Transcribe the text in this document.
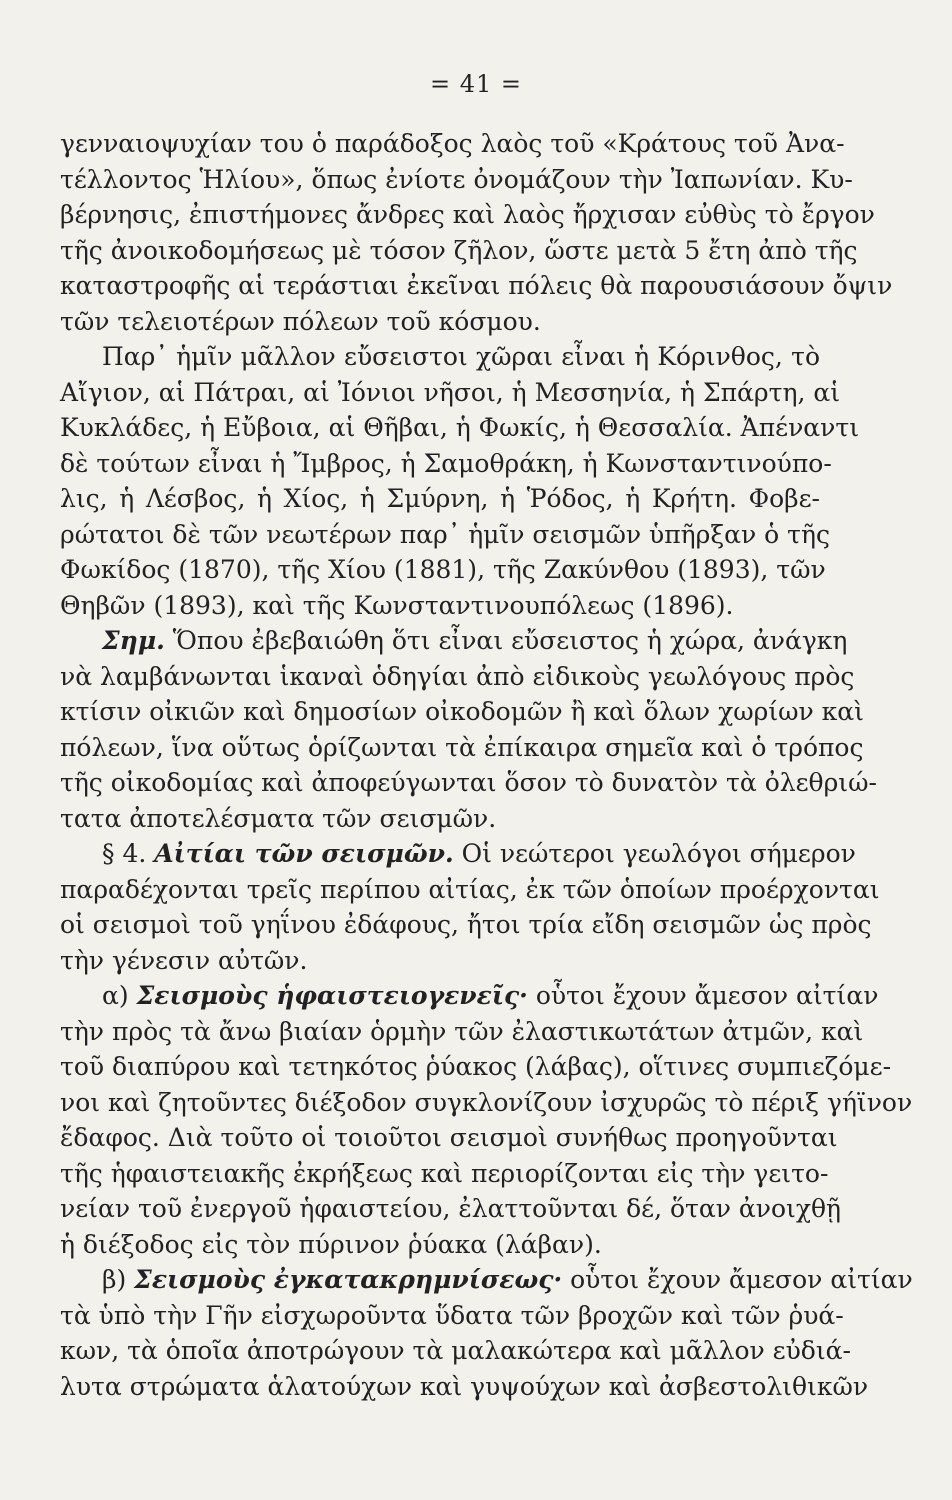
= 41 =
γενναιοψυχίαν του ὁ παράδοξος λαὸς τοῦ «Κράτους τοῦ Ἀνα-
τέλλοντος Ἡλίου», ὅπως ἐνίοτε ὀνομάζουν τὴν Ἰαπωνίαν. Κυ-
βέρνησις, ἐπιστήμονες ἄνδρες καὶ λαὸς ἤρχισαν εὐθὺς τὸ ἔργον
τῆς ἀνοικοδομήσεως μὲ τόσον ζῆλον, ὥστε μετὰ 5 ἔτη ἀπὸ τῆς
καταστροφῆς αἱ τεράστιαι ἐκεῖναι πόλεις θὰ παρουσιάσουν ὄψιν
τῶν τελειοτέρων πόλεων τοῦ κόσμου.
Παρ᾿ ἡμῖν μᾶλλον εὔσειστοι χῶραι εἶναι ἡ Κόρινθος, τὸ
Αἴγιον, αἱ Πάτραι, αἱ Ἰόνιοι νῆσοι, ἡ Μεσσηνία, ἡ Σπάρτη, αἱ
Κυκλάδες, ἡ Εὔβοια, αἱ Θῆβαι, ἡ Φωκίς, ἡ Θεσσαλία. Ἀπέναντι
δὲ τούτων εἶναι ἡ Ἴμβρος, ἡ Σαμοθράκη, ἡ Κωνσταντινούπο-
λις, ἡ Λέσβος, ἡ Χίος, ἡ Σμύρνη, ἡ Ῥόδος, ἡ Κρήτη. Φοβε-
ρώτατοι δὲ τῶν νεωτέρων παρ᾿ ἡμῖν σεισμῶν ὑπῆρξαν ὁ τῆς
Φωκίδος (1870), τῆς Χίου (1881), τῆς Ζακύνθου (1893), τῶν
Θηβῶν (1893), καὶ τῆς Κωνσταντινουπόλεως (1896).
Σημ. Ὅπου ἐβεβαιώθη ὅτι εἶναι εὔσειστος ἡ χώρα, ἀνάγκη
νὰ λαμβάνωνται ἱκαναὶ ὁδηγίαι ἀπὸ εἰδικοὺς γεωλόγους πρὸς
κτίσιν οἰκιῶν καὶ δημοσίων οἰκοδομῶν ἢ καὶ ὅλων χωρίων καὶ
πόλεων, ἵνα οὕτως ὁρίζωνται τὰ ἐπίκαιρα σημεῖα καὶ ὁ τρόπος
τῆς οἰκοδομίας καὶ ἀποφεύγωνται ὅσον τὸ δυνατὸν τὰ ὀλεθριώ-
τατα ἀποτελέσματα τῶν σεισμῶν.
§ 4. Αἰτίαι τῶν σεισμῶν. Οἱ νεώτεροι γεωλόγοι σήμερον
παραδέχονται τρεῖς περίπου αἰτίας, ἐκ τῶν ὁποίων προέρχονται
οἱ σεισμοὶ τοῦ γηΐνου ἐδάφους, ἤτοι τρία εἴδη σεισμῶν ὡς πρὸς
τὴν γένεσιν αὐτῶν.
α) Σεισμοὺς ἡφαιστειογενεῖς· οὗτοι ἔχουν ἄμεσον αἰτίαν
τὴν πρὸς τὰ ἄνω βιαίαν ὁρμὴν τῶν ἐλαστικωτάτων ἀτμῶν, καὶ
τοῦ διαπύρου καὶ τετηκότος ῥύακος (λάβας), οἵτινες συμπιεζόμε-
νοι καὶ ζητοῦντες διέξοδον συγκλονίζουν ἰσχυρῶς τὸ πέριξ γήϊνον
ἔδαφος. Διὰ τοῦτο οἱ τοιοῦτοι σεισμοὶ συνήθως προηγοῦνται
τῆς ἡφαιστειακῆς ἐκρήξεως καὶ περιορίζονται εἰς τὴν γειτο-
νείαν τοῦ ἐνεργοῦ ἡφαιστείου, ἐλαττοῦνται δέ, ὅταν ἀνοιχθῇ
ἡ διέξοδος εἰς τὸν πύρινον ῥύακα (λάβαν).
β) Σεισμοὺς ἐγκατακρημνίσεως· οὗτοι ἔχουν ἄμεσον αἰτίαν
τὰ ὑπὸ τὴν Γῆν εἰσχωροῦντα ὕδατα τῶν βροχῶν καὶ τῶν ῥυά-
κων, τὰ ὁποῖα ἀποτρώγουν τὰ μαλακώτερα καὶ μᾶλλον εὐδιά-
λυτα στρώματα ἁλατούχων καὶ γυψούχων καὶ ἀσβεστολιθικῶν
